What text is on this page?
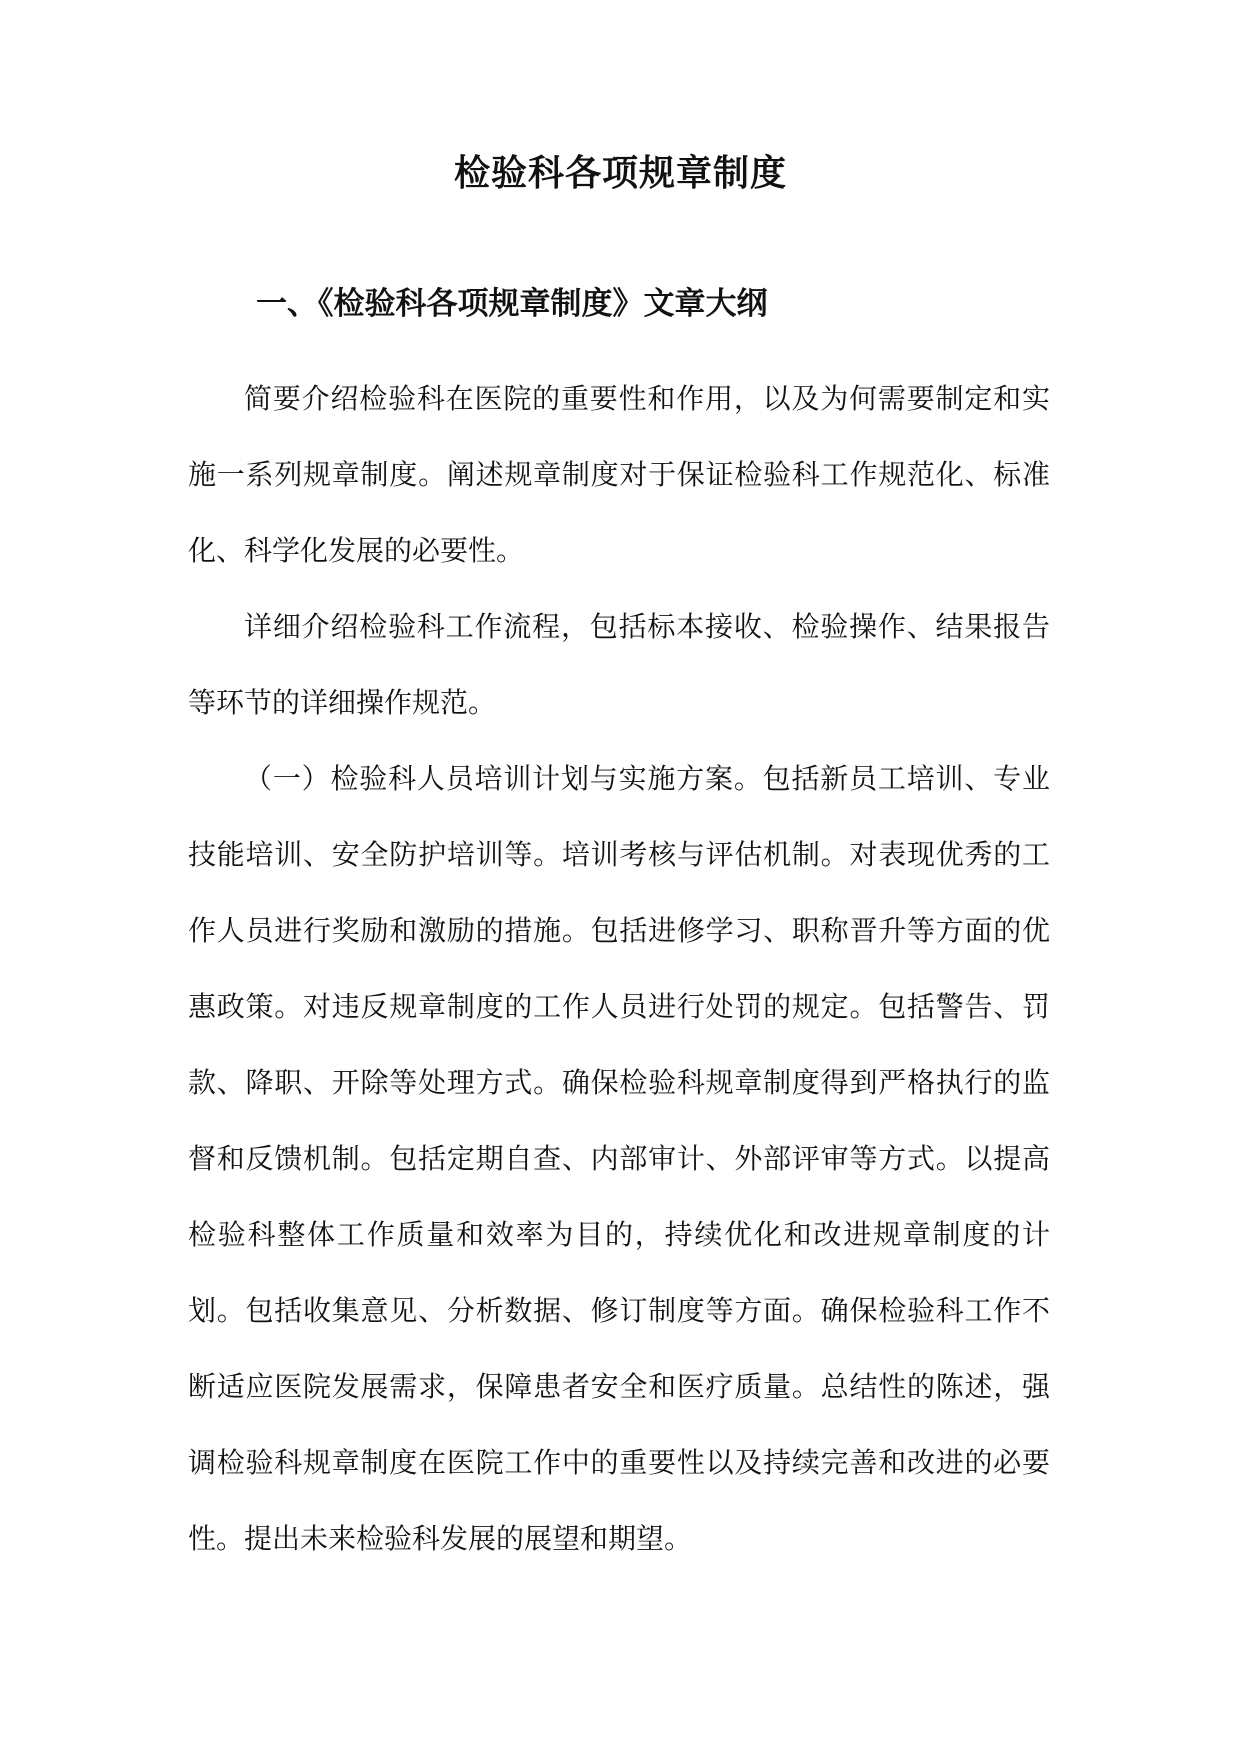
检验科各项规章制度
一、《检验科各项规章制度》文章大纲

简要介绍检验科在医院的重要性和作用，以及为何需要制定和实施一系列规章制度。阐述规章制度对于保证检验科工作规范化、标准化、科学化发展的必要性。

详细介绍检验科工作流程，包括标本接收、检验操作、结果报告等环节的详细操作规范。

（一）检验科人员培训计划与实施方案。包括新员工培训、专业技能培训、安全防护培训等。培训考核与评估机制。对表现优秀的工作人员进行奖励和激励的措施。包括进修学习、职称晋升等方面的优惠政策。对违反规章制度的工作人员进行处罚的规定。包括警告、罚款、降职、开除等处理方式。确保检验科规章制度得到严格执行的监督和反馈机制。包括定期自查、内部审计、外部评审等方式。以提高检验科整体工作质量和效率为目的，持续优化和改进规章制度的计划。包括收集意见、分析数据、修订制度等方面。确保检验科工作不断适应医院发展需求，保障患者安全和医疗质量。总结性的陈述，强调检验科规章制度在医院工作中的重要性以及持续完善和改进的必要性。提出未来检验科发展的展望和期望。
